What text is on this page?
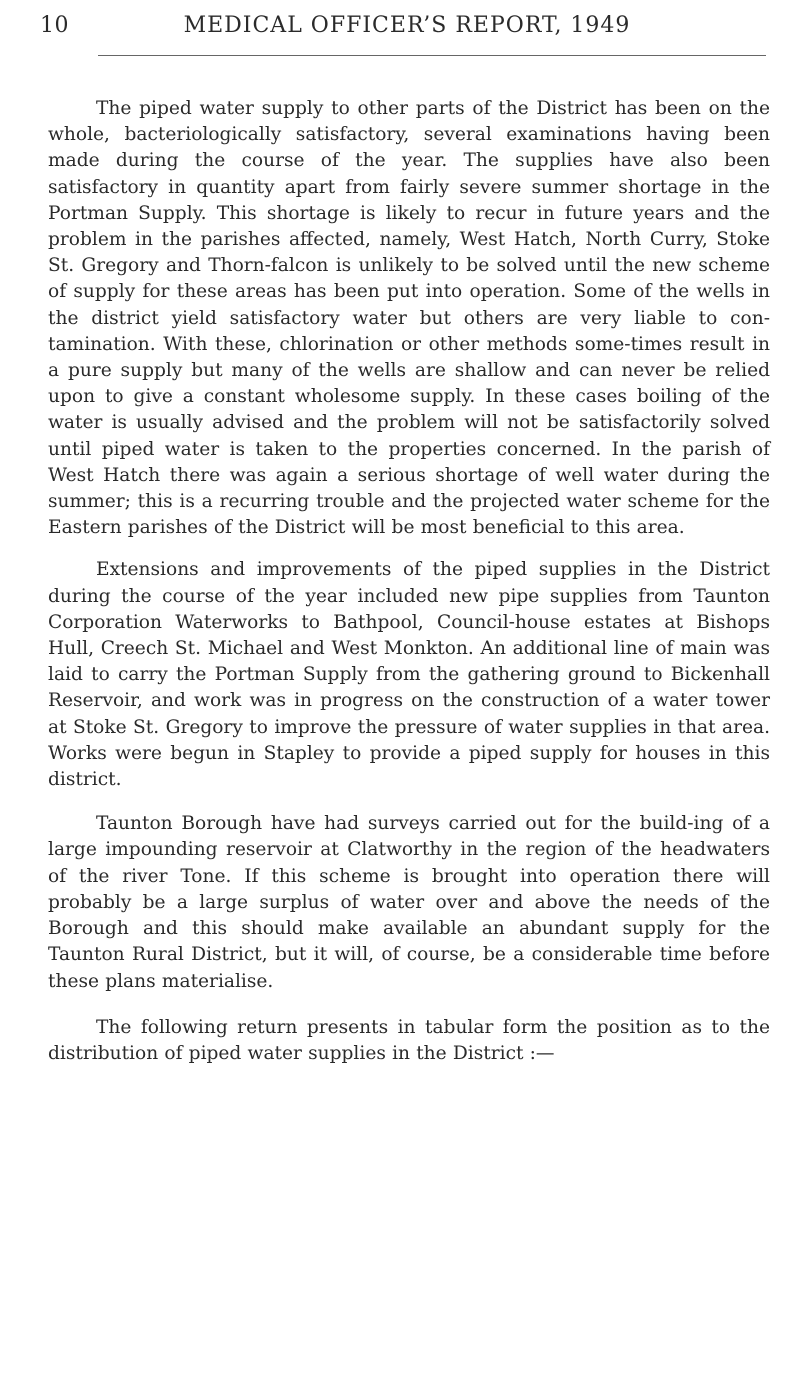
MEDICAL OFFICER’S REPORT, 1949
10

The piped water supply to other parts of the District has been on the whole, bacteriologically satisfactory, several examinations having been made during the course of the year. The supplies have also been satisfactory in quantity apart from fairly severe summer shortage in the Portman Supply. This shortage is likely to recur in future years and the problem in the parishes affected, namely, West Hatch, North Curry, Stoke St. Gregory and Thorn-falcon is unlikely to be solved until the new scheme of supply for these areas has been put into operation. Some of the wells in the district yield satisfactory water but others are very liable to con-tamination. With these, chlorination or other methods some-times result in a pure supply but many of the wells are shallow and can never be relied upon to give a constant wholesome supply. In these cases boiling of the water is usually advised and the problem will not be satisfactorily solved until piped water is taken to the properties concerned. In the parish of West Hatch there was again a serious shortage of well water during the summer; this is a recurring trouble and the projected water scheme for the Eastern parishes of the District will be most beneficial to this area.

Extensions and improvements of the piped supplies in the District during the course of the year included new pipe supplies from Taunton Corporation Waterworks to Bathpool, Council-house estates at Bishops Hull, Creech St. Michael and West Monkton. An additional line of main was laid to carry the Portman Supply from the gathering ground to Bickenhall Reservoir, and work was in progress on the construction of a water tower at Stoke St. Gregory to improve the pressure of water supplies in that area. Works were begun in Stapley to provide a piped supply for houses in this district.

Taunton Borough have had surveys carried out for the build-ing of a large impounding reservoir at Clatworthy in the region of the headwaters of the river Tone. If this scheme is brought into operation there will probably be a large surplus of water over and above the needs of the Borough and this should make available an abundant supply for the Taunton Rural District, but it will, of course, be a considerable time before these plans materialise.

The following return presents in tabular form the position as to the distribution of piped water supplies in the District :—
